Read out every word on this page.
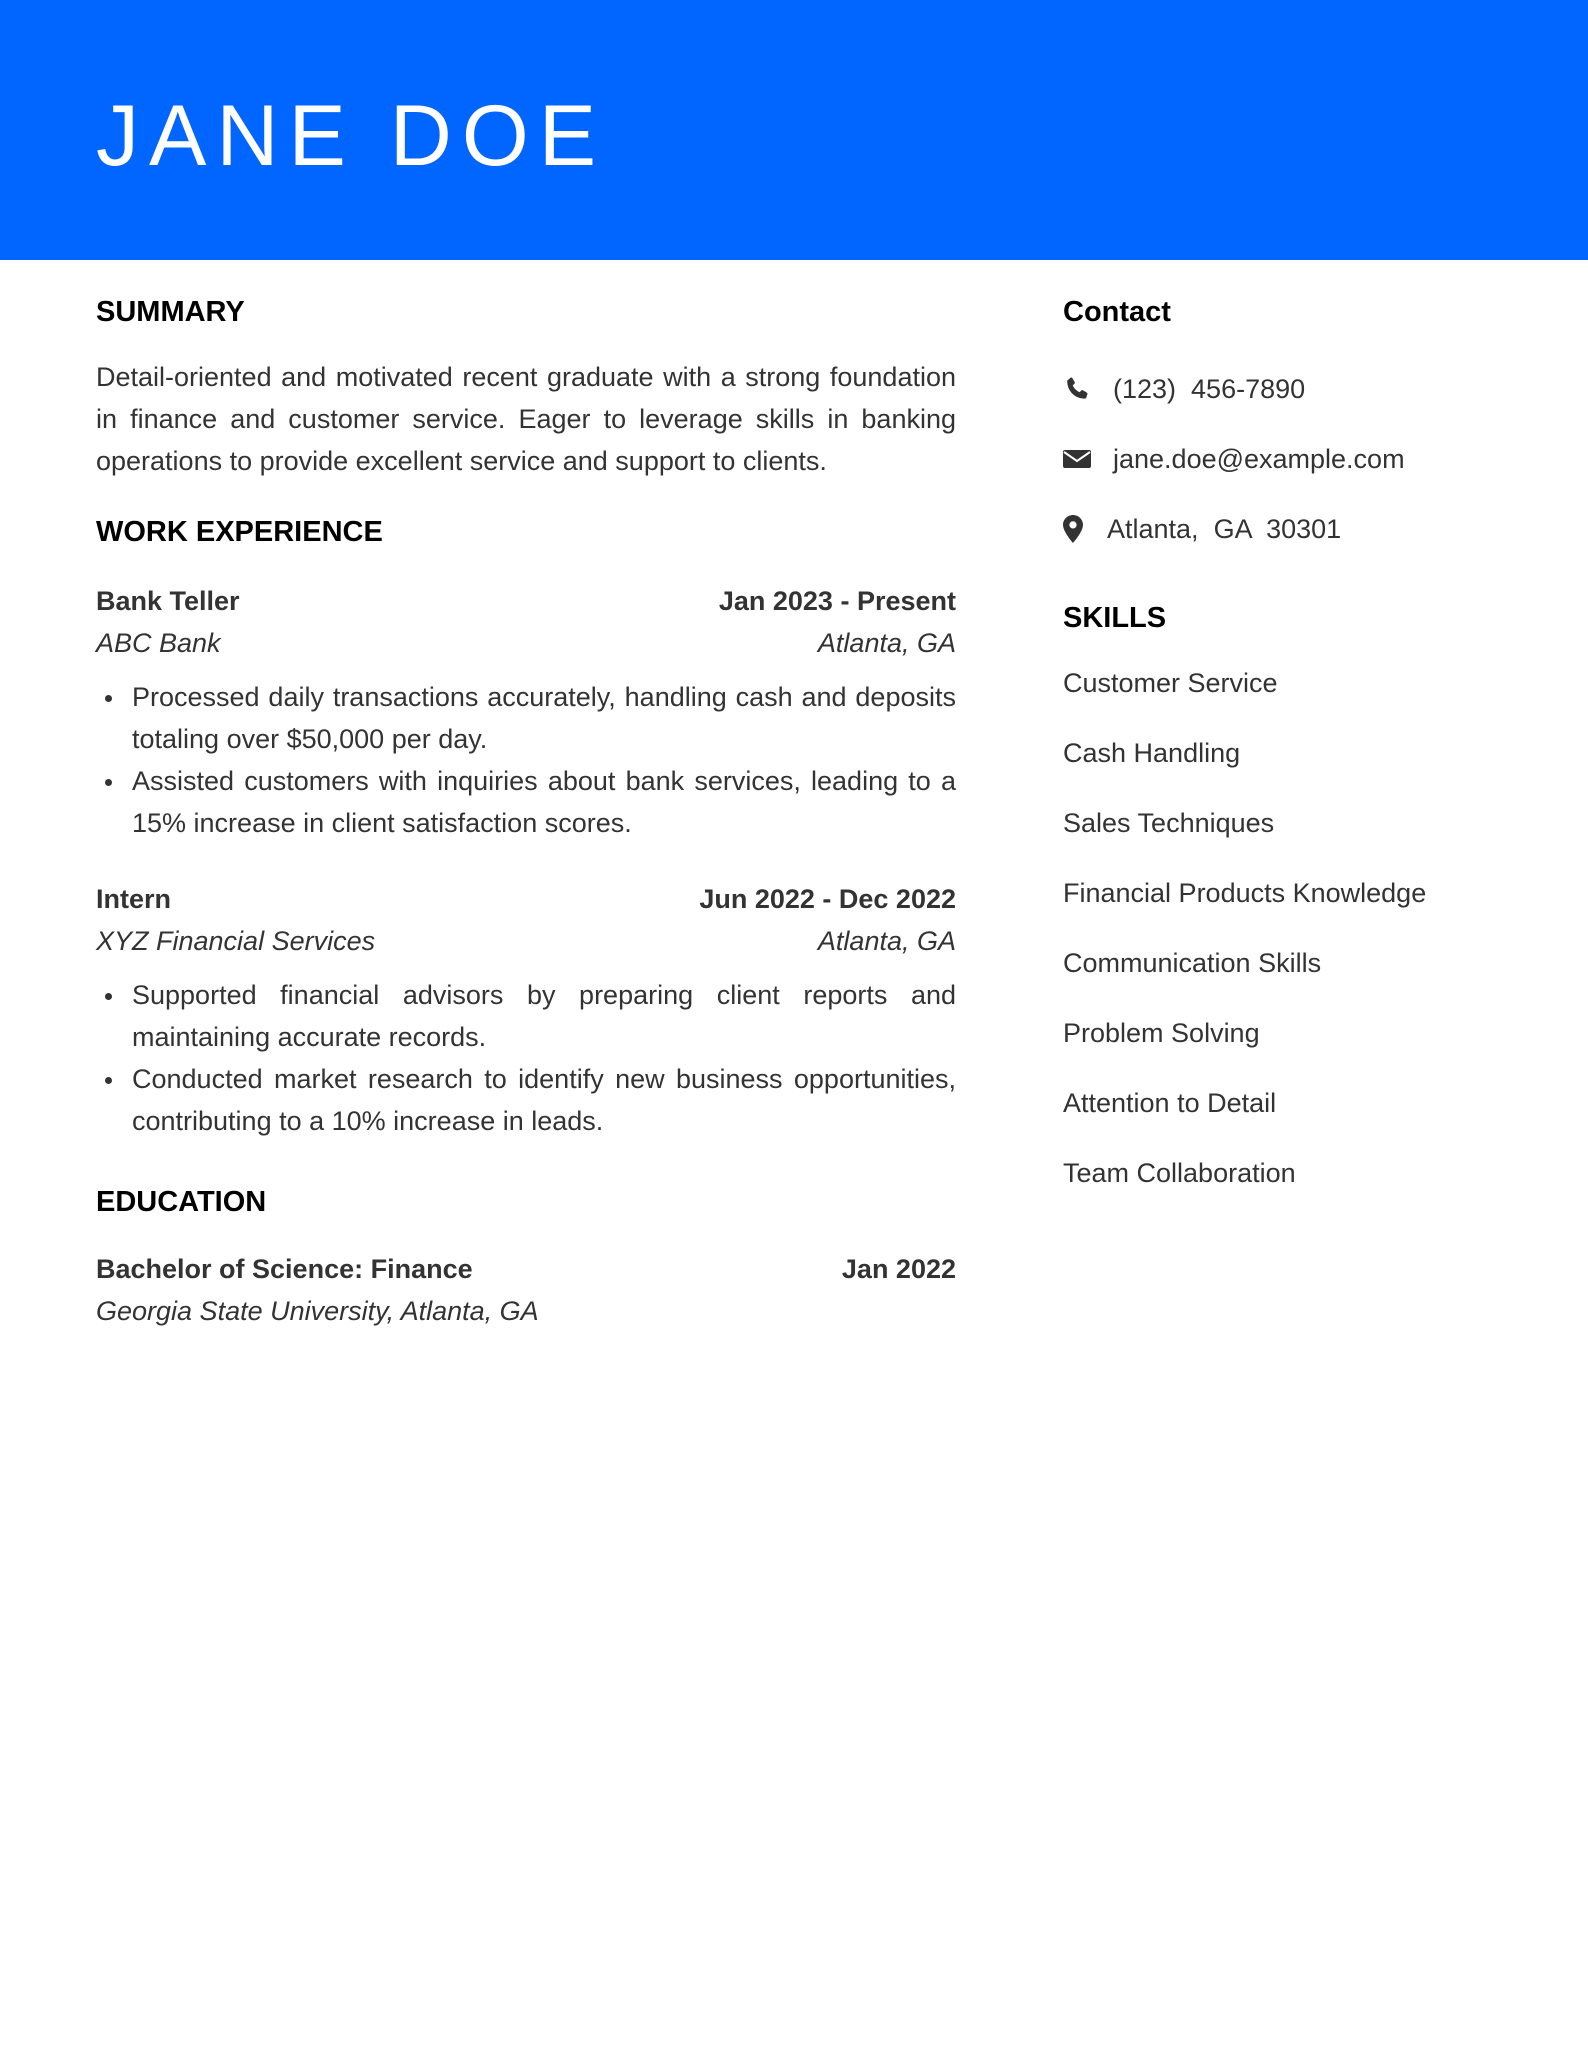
JANE DOE
SUMMARY

Detail-oriented and motivated recent graduate with a strong foundation in finance and customer service. Eager to leverage skills in banking operations to provide excellent service and support to clients.

WORK EXPERIENCE
Bank Teller	Jan 2023 - Present
ABC Bank	Atlanta, GA
Processed daily transactions accurately, handling cash and deposits totaling over $50,000 per day.
Assisted customers with inquiries about bank services, leading to a 15% increase in client satisfaction scores.
Intern	Jun 2022 - Dec 2022
XYZ Financial Services	Atlanta, GA
Supported financial advisors by preparing client reports and maintaining accurate records.
Conducted market research to identify new business opportunities, contributing to a 10% increase in leads.
EDUCATION
Bachelor of Science: Finance	Jan 2022
Georgia State University, Atlanta, GA
Contact
(123)  456-7890
jane.doe@example.com
Atlanta,  GA  30301
SKILLS
Customer Service
Cash Handling
Sales Techniques
Financial Products Knowledge
Communication Skills
Problem Solving
Attention to Detail
Team Collaboration
